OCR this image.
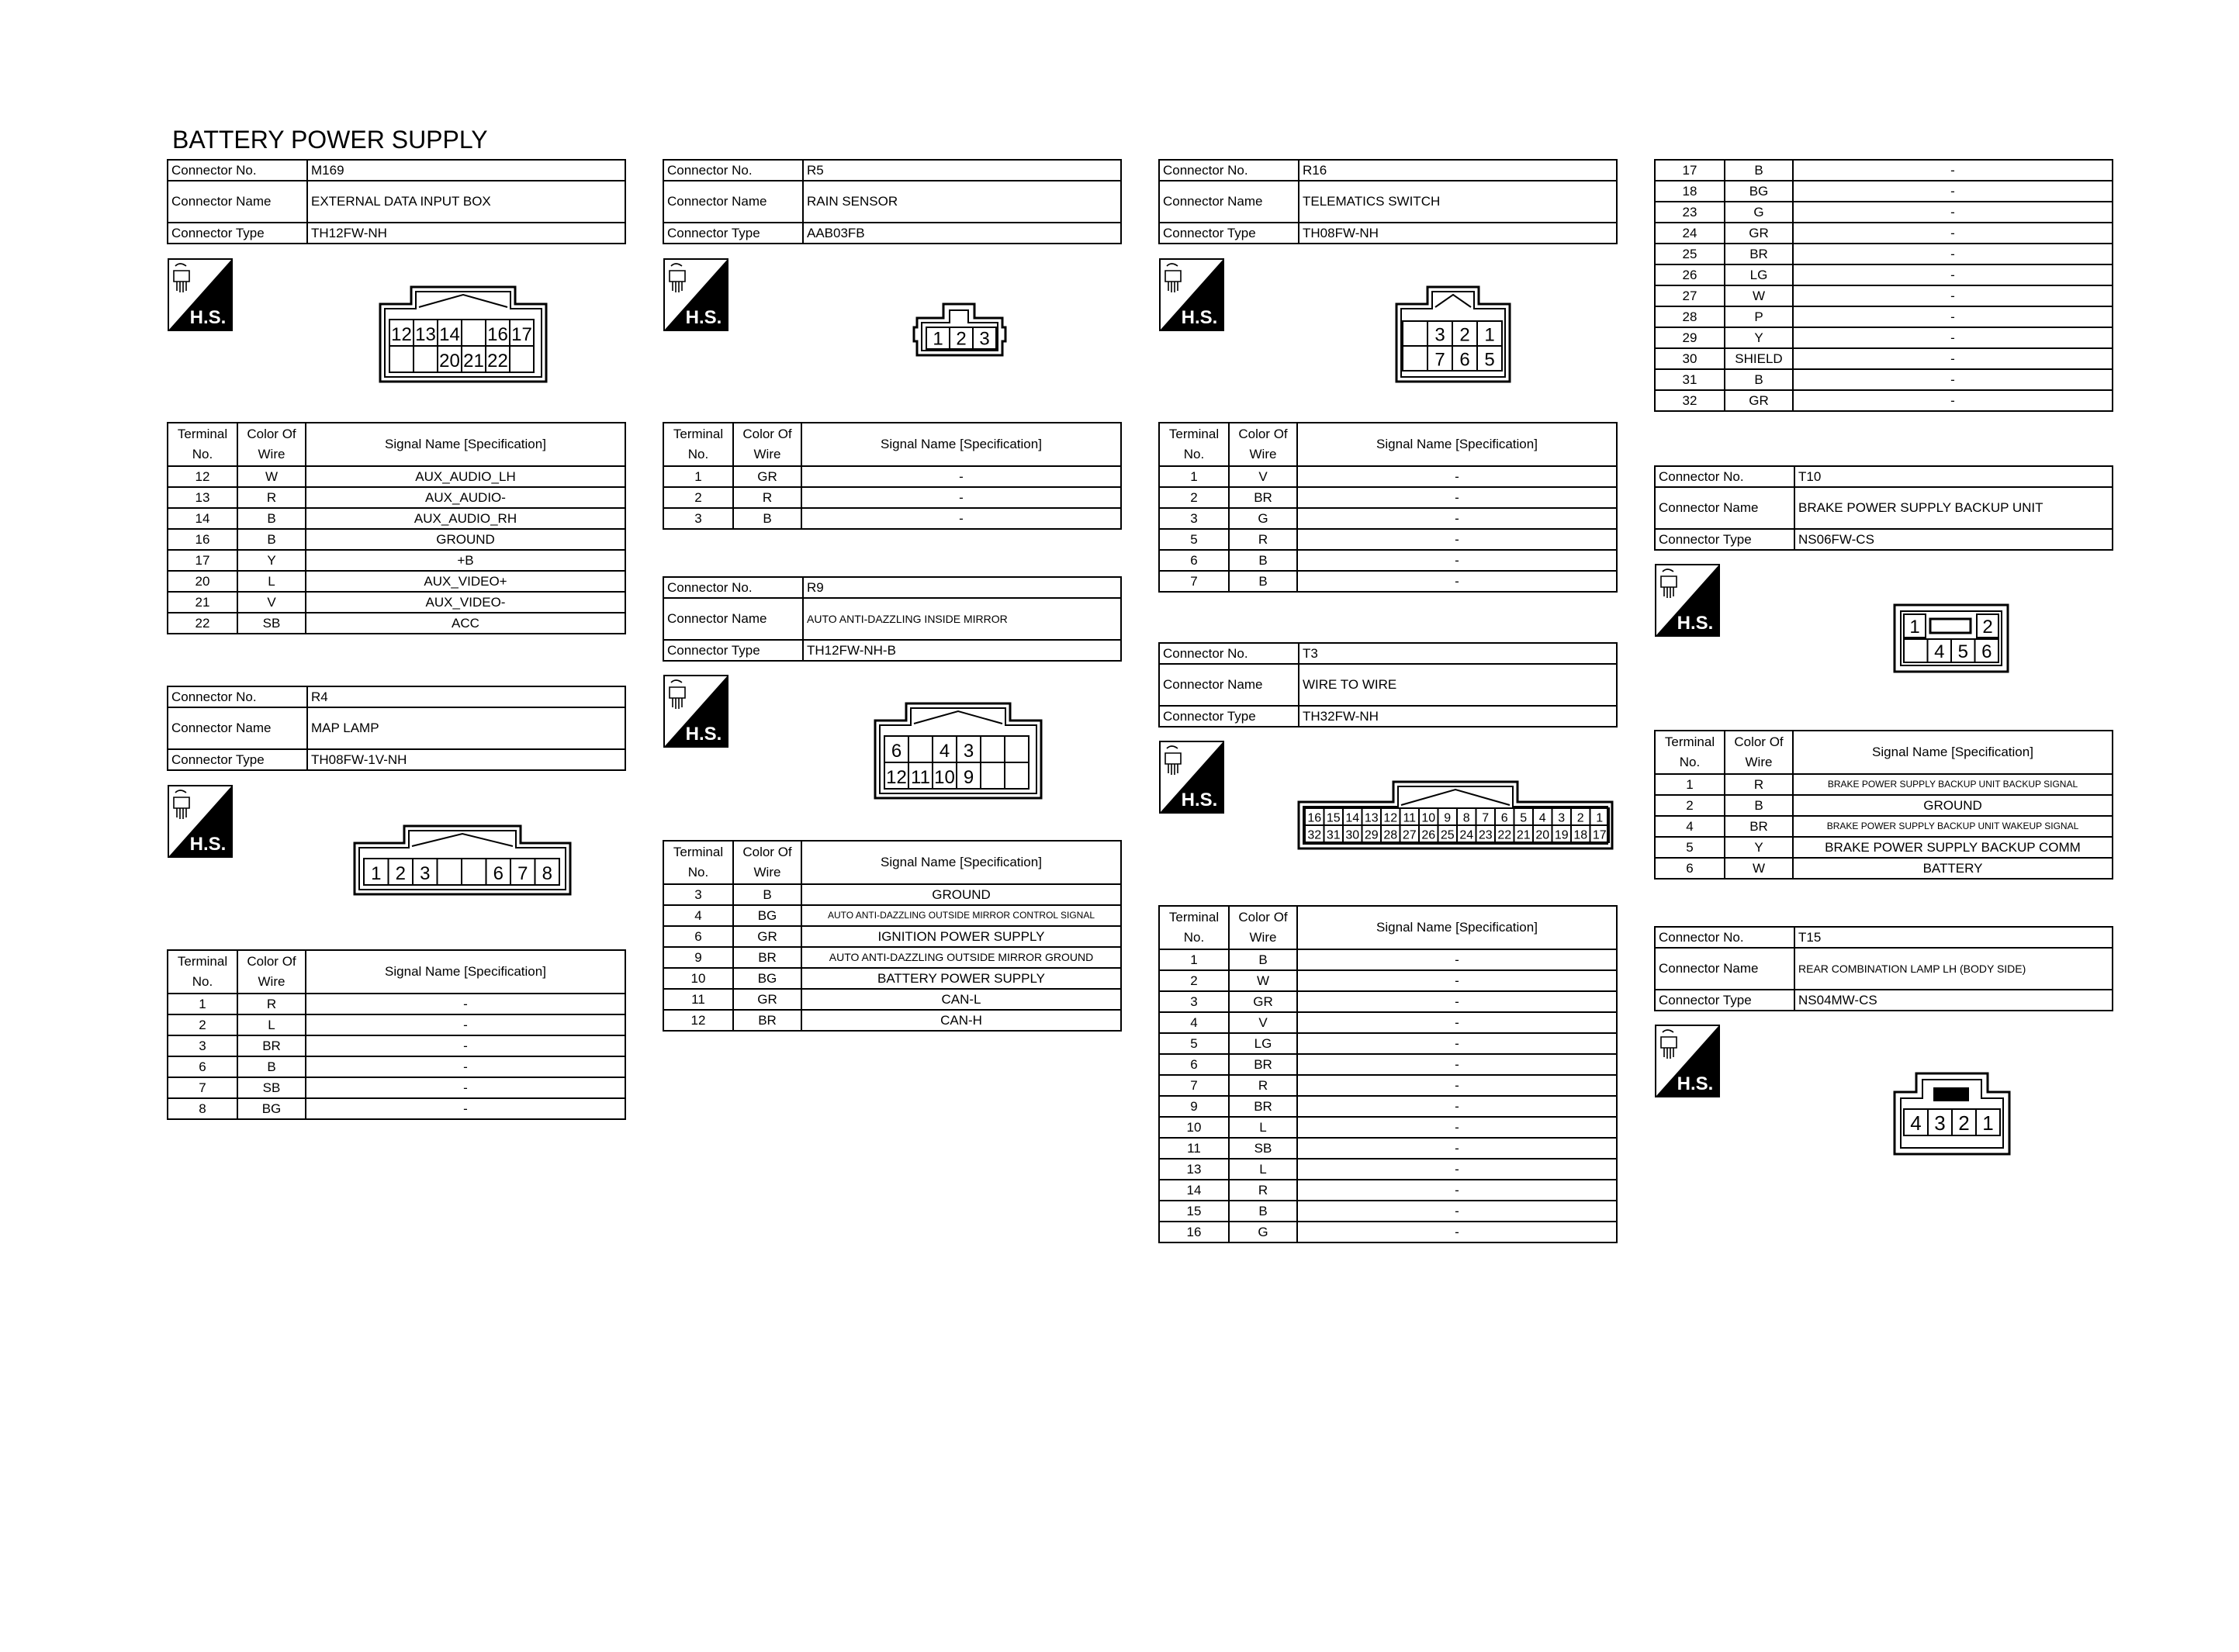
BATTERY POWER SUPPLY
Connector No.	M169
Connector Name	EXTERNAL DATA INPUT BOX
Connector Type	TH12FW-NH
H.S.
12 13 14 16 17
20 21 22
Terminal
No.	Color Of
Wire	Signal Name [Specification]
12	W	AUX_AUDIO_LH
13	R	AUX_AUDIO-
14	B	AUX_AUDIO_RH
16	B	GROUND
17	Y	+B
20	L	AUX_VIDEO+
21	V	AUX_VIDEO-
22	SB	ACC
Connector No.	R4
Connector Name	MAP LAMP
Connector Type	TH08FW-1V-NH
H.S.
1 2 3	6 7 8
Terminal
No.	Color Of
Wire	Signal Name [Specification]
1	R	-
2	L	-
3	BR	-
6	B	-
7	SB	-
8	BG	-
Connector No.	R5
Connector Name	RAIN SENSOR
Connector Type	AAB03FB
H.S.
1 2 3
Terminal
No.	Color Of
Wire	Signal Name [Specification]
1	GR	-
2	R	-
3	B	-
Connector No.	R9
Connector Name	AUTO ANTI-DAZZLING INSIDE MIRROR
Connector Type	TH12FW-NH-B
H.S.
6 4 3
12 11 10 9
Terminal
No.	Color Of
Wire	Signal Name [Specification]
3	B	GROUND
4	BG	AUTO ANTI-DAZZLING OUTSIDE MIRROR CONTROL SIGNAL
6	GR	IGNITION POWER SUPPLY
9	BR	AUTO ANTI-DAZZLING OUTSIDE MIRROR GROUND
10	BG	BATTERY POWER SUPPLY
11	GR	CAN-L
12	BR	CAN-H
Connector No.	R16
Connector Name	TELEMATICS SWITCH
Connector Type	TH08FW-NH
H.S.
3 2 1
7 6 5
Terminal
No.	Color Of
Wire	Signal Name [Specification]
1	V	-
2	BR	-
3	G	-
5	R	-
6	B	-
7	B	-
Connector No.	T3
Connector Name	WIRE TO WIRE
Connector Type	TH32FW-NH
H.S.
16 15 14 13 12 11 10 9 8 7 6 5 4 3 2 1
32 31 30 29 28 27 26 25 24 23 22 21 20 19 18 17
Terminal
No.	Color Of
Wire	Signal Name [Specification]
1	B	-
2	W	-
3	GR	-
4	V	-
5	LG	-
6	BR	-
7	R	-
9	BR	-
10	L	-
11	SB	-
13	L	-
14	R	-
15	B	-
16	G	-
17	B	-
18	BG	-
23	G	-
24	GR	-
25	BR	-
26	LG	-
27	W	-
28	P	-
29	Y	-
30	SHIELD	-
31	B	-
32	GR	-
Connector No.	T10
Connector Name	BRAKE POWER SUPPLY BACKUP UNIT
Connector Type	NS06FW-CS
H.S.	1	2
4 5 6
Terminal
No.	Color Of
Wire	Signal Name [Specification]
1	R	BRAKE POWER SUPPLY BACKUP UNIT BACKUP SIGNAL
2	B	GROUND
4	BR	BRAKE POWER SUPPLY BACKUP UNIT WAKEUP SIGNAL
5	Y	BRAKE POWER SUPPLY BACKUP COMM
6	W	BATTERY
Connector No.	T15
Connector Name	REAR COMBINATION LAMP LH (BODY SIDE)
Connector Type	NS04MW-CS
H.S.
4 3 2 1
